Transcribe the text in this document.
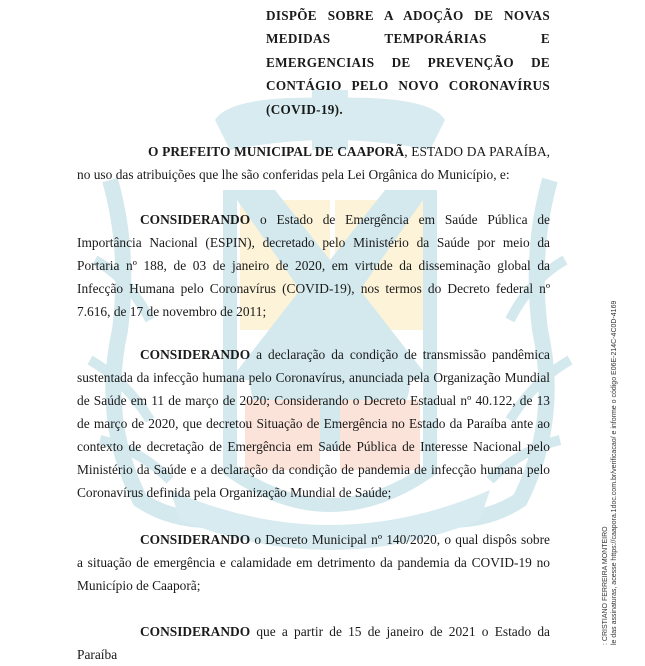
DISPÕE SOBRE A ADOÇÃO DE NOVAS MEDIDAS TEMPORÁRIAS E EMERGENCIAIS DE PREVENÇÃO DE CONTÁGIO PELO NOVO CORONAVÍRUS
(COVID-19).
O PREFEITO MUNICIPAL DE CAAPORÃ, ESTADO DA PARAÍBA, no uso das atribuições que lhe são conferidas pela Lei Orgânica do Município, e:
CONSIDERANDO o Estado de Emergência em Saúde Pública de Importância Nacional (ESPIN), decretado pelo Ministério da Saúde por meio da Portaria nº 188, de 03 de janeiro de 2020, em virtude da disseminação global da Infecção Humana pelo Coronavírus (COVID-19), nos termos do Decreto federal nº 7.616, de 17 de novembro de 2011;
CONSIDERANDO a declaração da condição de transmissão pandêmica sustentada da infecção humana pelo Coronavírus, anunciada pela Organização Mundial de Saúde em 11 de março de 2020; Considerando o Decreto Estadual nº 40.122, de 13 de março de 2020, que decretou Situação de Emergência no Estado da Paraíba ante ao contexto de decretação de Emergência em Saúde Pública de Interesse Nacional pelo Ministério da Saúde e a declaração da condição de pandemia de infecção humana pelo Coronavírus definida pela Organização Mundial de Saúde;
CONSIDERANDO o Decreto Municipal nº 140/2020, o qual dispôs sobre a situação de emergência e calamidade em detrimento da pandemia da COVID-19 no Município de Caaporã;
CONSIDERANDO que a partir de 15 de janeiro de 2021 o Estado da Paraíba
: CRISTIANO FERREIRA MONTEIRO le das assinaturas, acesse https://caapora.1doc.com.br/verificacao/ e informe o código E06E-214C-4C0D-4169
